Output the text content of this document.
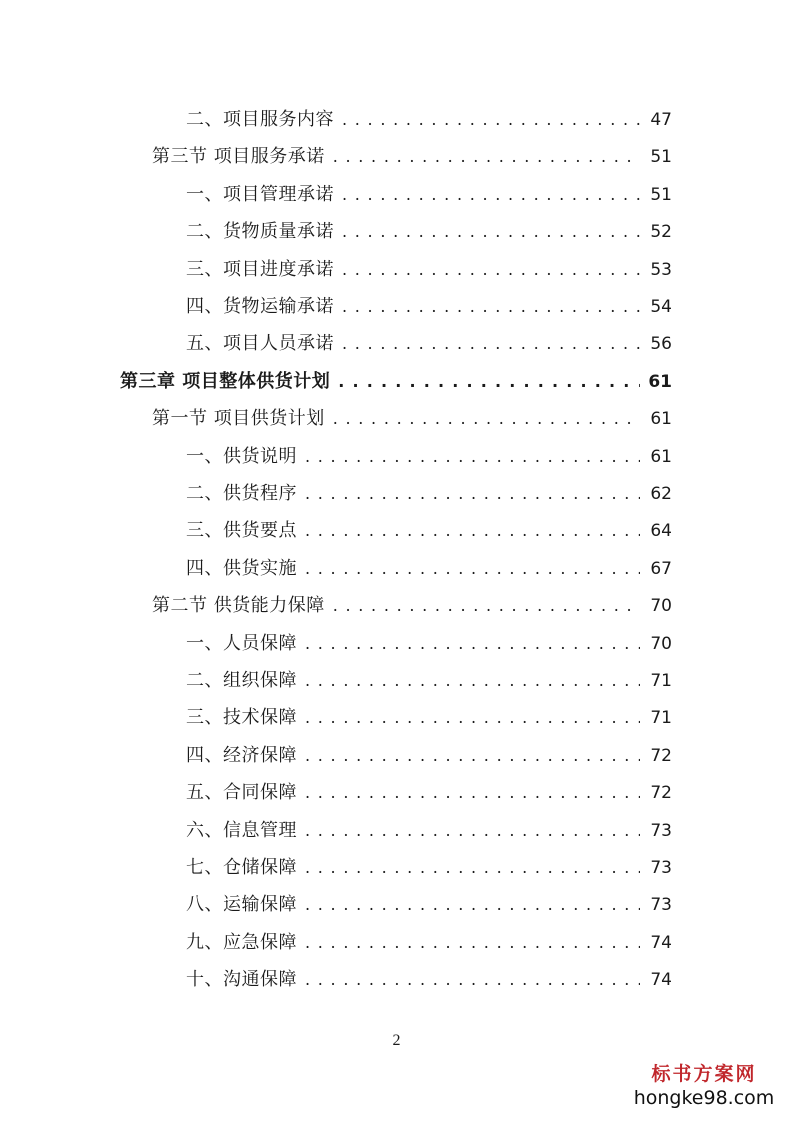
二、项目服务内容 . . .	47
第三节 项目服务承诺 . . .	51
一、项目管理承诺 . . .	51
二、货物质量承诺 . . .	52
三、项目进度承诺 . . .	53
四、货物运输承诺 . . .	54
五、项目人员承诺 . . .	56
第三章 项目整体供货计划 . . .	61
第一节 项目供货计划 . . .	61
一、供货说明 . . .	61
二、供货程序 . . .	62
三、供货要点 . . .	64
四、供货实施 . . .	67
第二节 供货能力保障 . . .	70
一、人员保障 . . .	70
二、组织保障 . . .	71
三、技术保障 . . .	71
四、经济保障 . . .	72
五、合同保障 . . .	72
六、信息管理 . . .	73
七、仓储保障 . . .	73
八、运输保障 . . .	73
九、应急保障 . . .	74
十、沟通保障 . . .	74
2
标书方案网
hongke98.com
